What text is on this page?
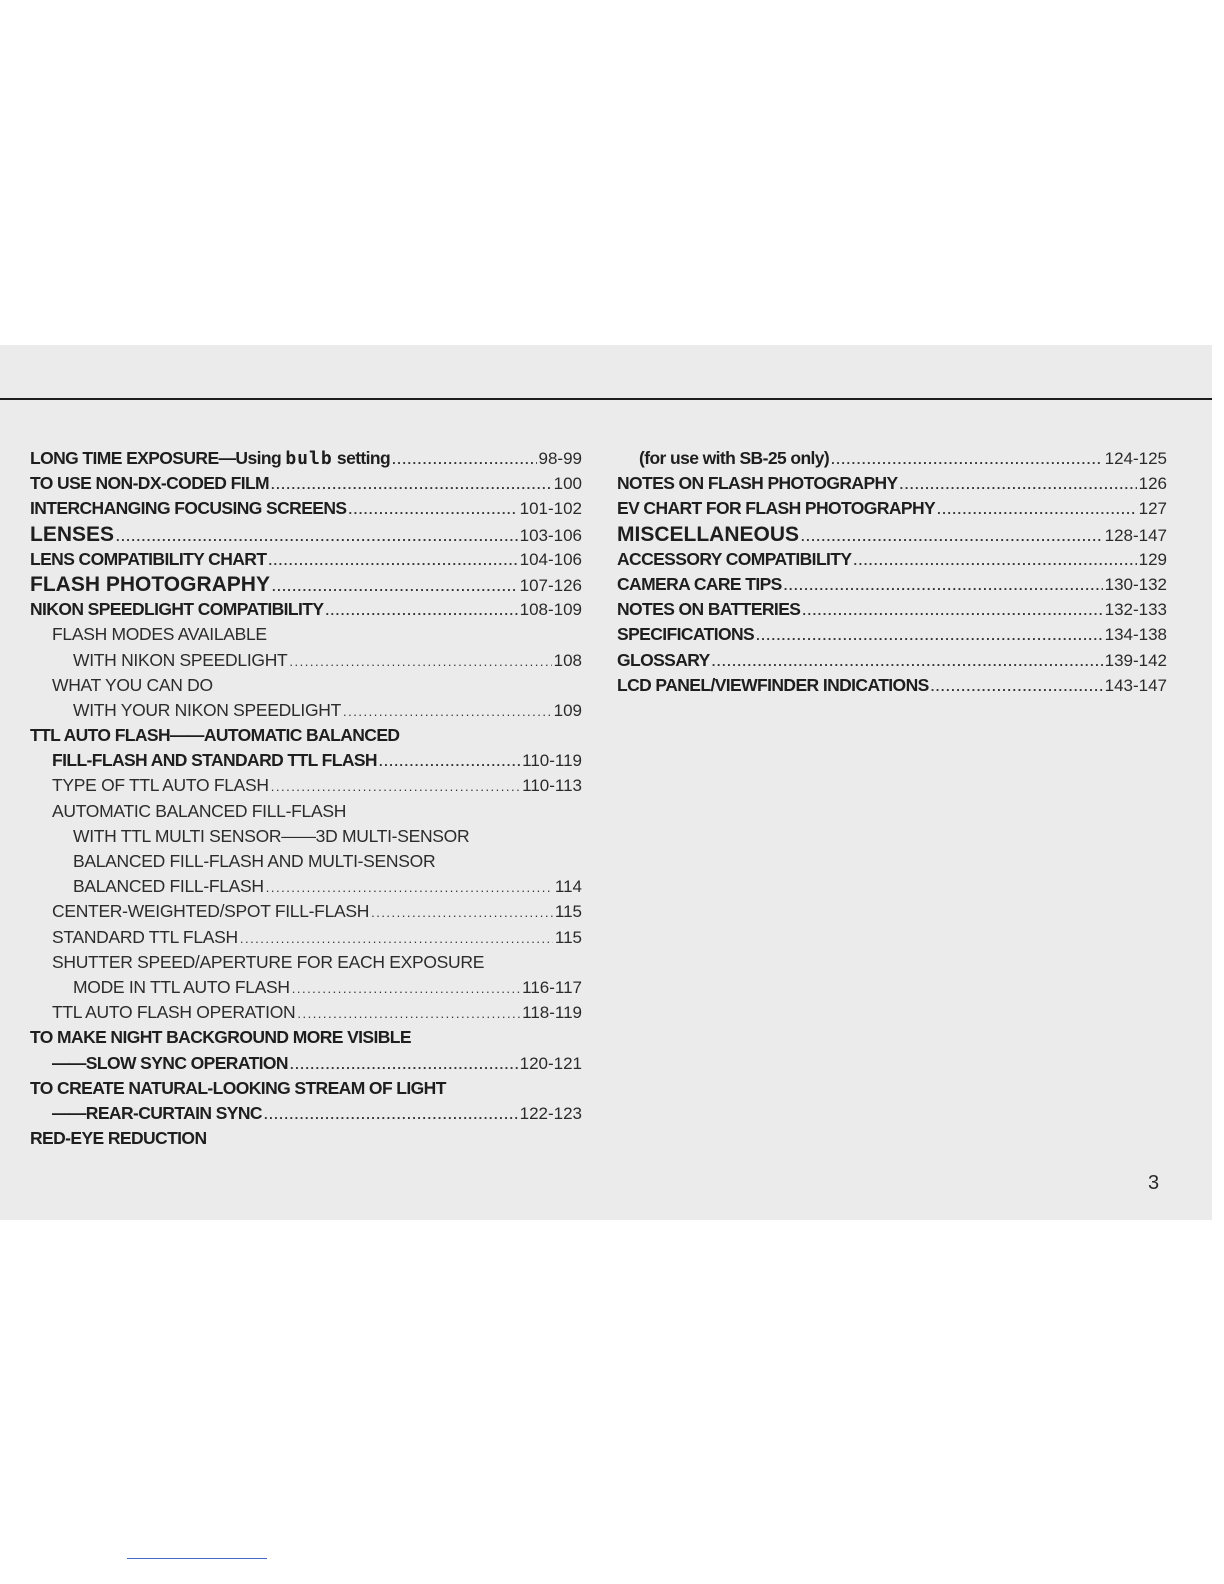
LONG TIME EXPOSURE—Using bulb setting .....	98-99
TO USE NON-DX-CODED FILM .....	100
INTERCHANGING FOCUSING SCREENS .....	101-102
LENSES .....	103-106
LENS COMPATIBILITY CHART .....	104-106
FLASH PHOTOGRAPHY .....	107-126
NIKON SPEEDLIGHT COMPATIBILITY .....	108-109
FLASH MODES AVAILABLE
WITH NIKON SPEEDLIGHT .....	108
WHAT YOU CAN DO
WITH YOUR NIKON SPEEDLIGHT .....	109
TTL AUTO FLASH——AUTOMATIC BALANCED
FILL-FLASH AND STANDARD TTL FLASH .....	110-119
TYPE OF TTL AUTO FLASH .....	110-113
AUTOMATIC BALANCED FILL-FLASH
WITH TTL MULTI SENSOR——3D MULTI-SENSOR
BALANCED FILL-FLASH AND MULTI-SENSOR
BALANCED FILL-FLASH .....	114
CENTER-WEIGHTED/SPOT FILL-FLASH .....	115
STANDARD TTL FLASH .....	115
SHUTTER SPEED/APERTURE FOR EACH EXPOSURE
MODE IN TTL AUTO FLASH .....	116-117
TTL AUTO FLASH OPERATION .....	118-119
TO MAKE NIGHT BACKGROUND MORE VISIBLE
——SLOW SYNC OPERATION .....	120-121
TO CREATE NATURAL-LOOKING STREAM OF LIGHT
——REAR-CURTAIN SYNC .....	122-123
RED-EYE REDUCTION
(for use with SB-25 only) .....	124-125
NOTES ON FLASH PHOTOGRAPHY .....	126
EV CHART FOR FLASH PHOTOGRAPHY .....	127
MISCELLANEOUS .....	128-147
ACCESSORY COMPATIBILITY .....	129
CAMERA CARE TIPS .....	130-132
NOTES ON BATTERIES .....	132-133
SPECIFICATIONS .....	134-138
GLOSSARY .....	139-142
LCD PANEL/VIEWFINDER INDICATIONS .....	143-147
3
